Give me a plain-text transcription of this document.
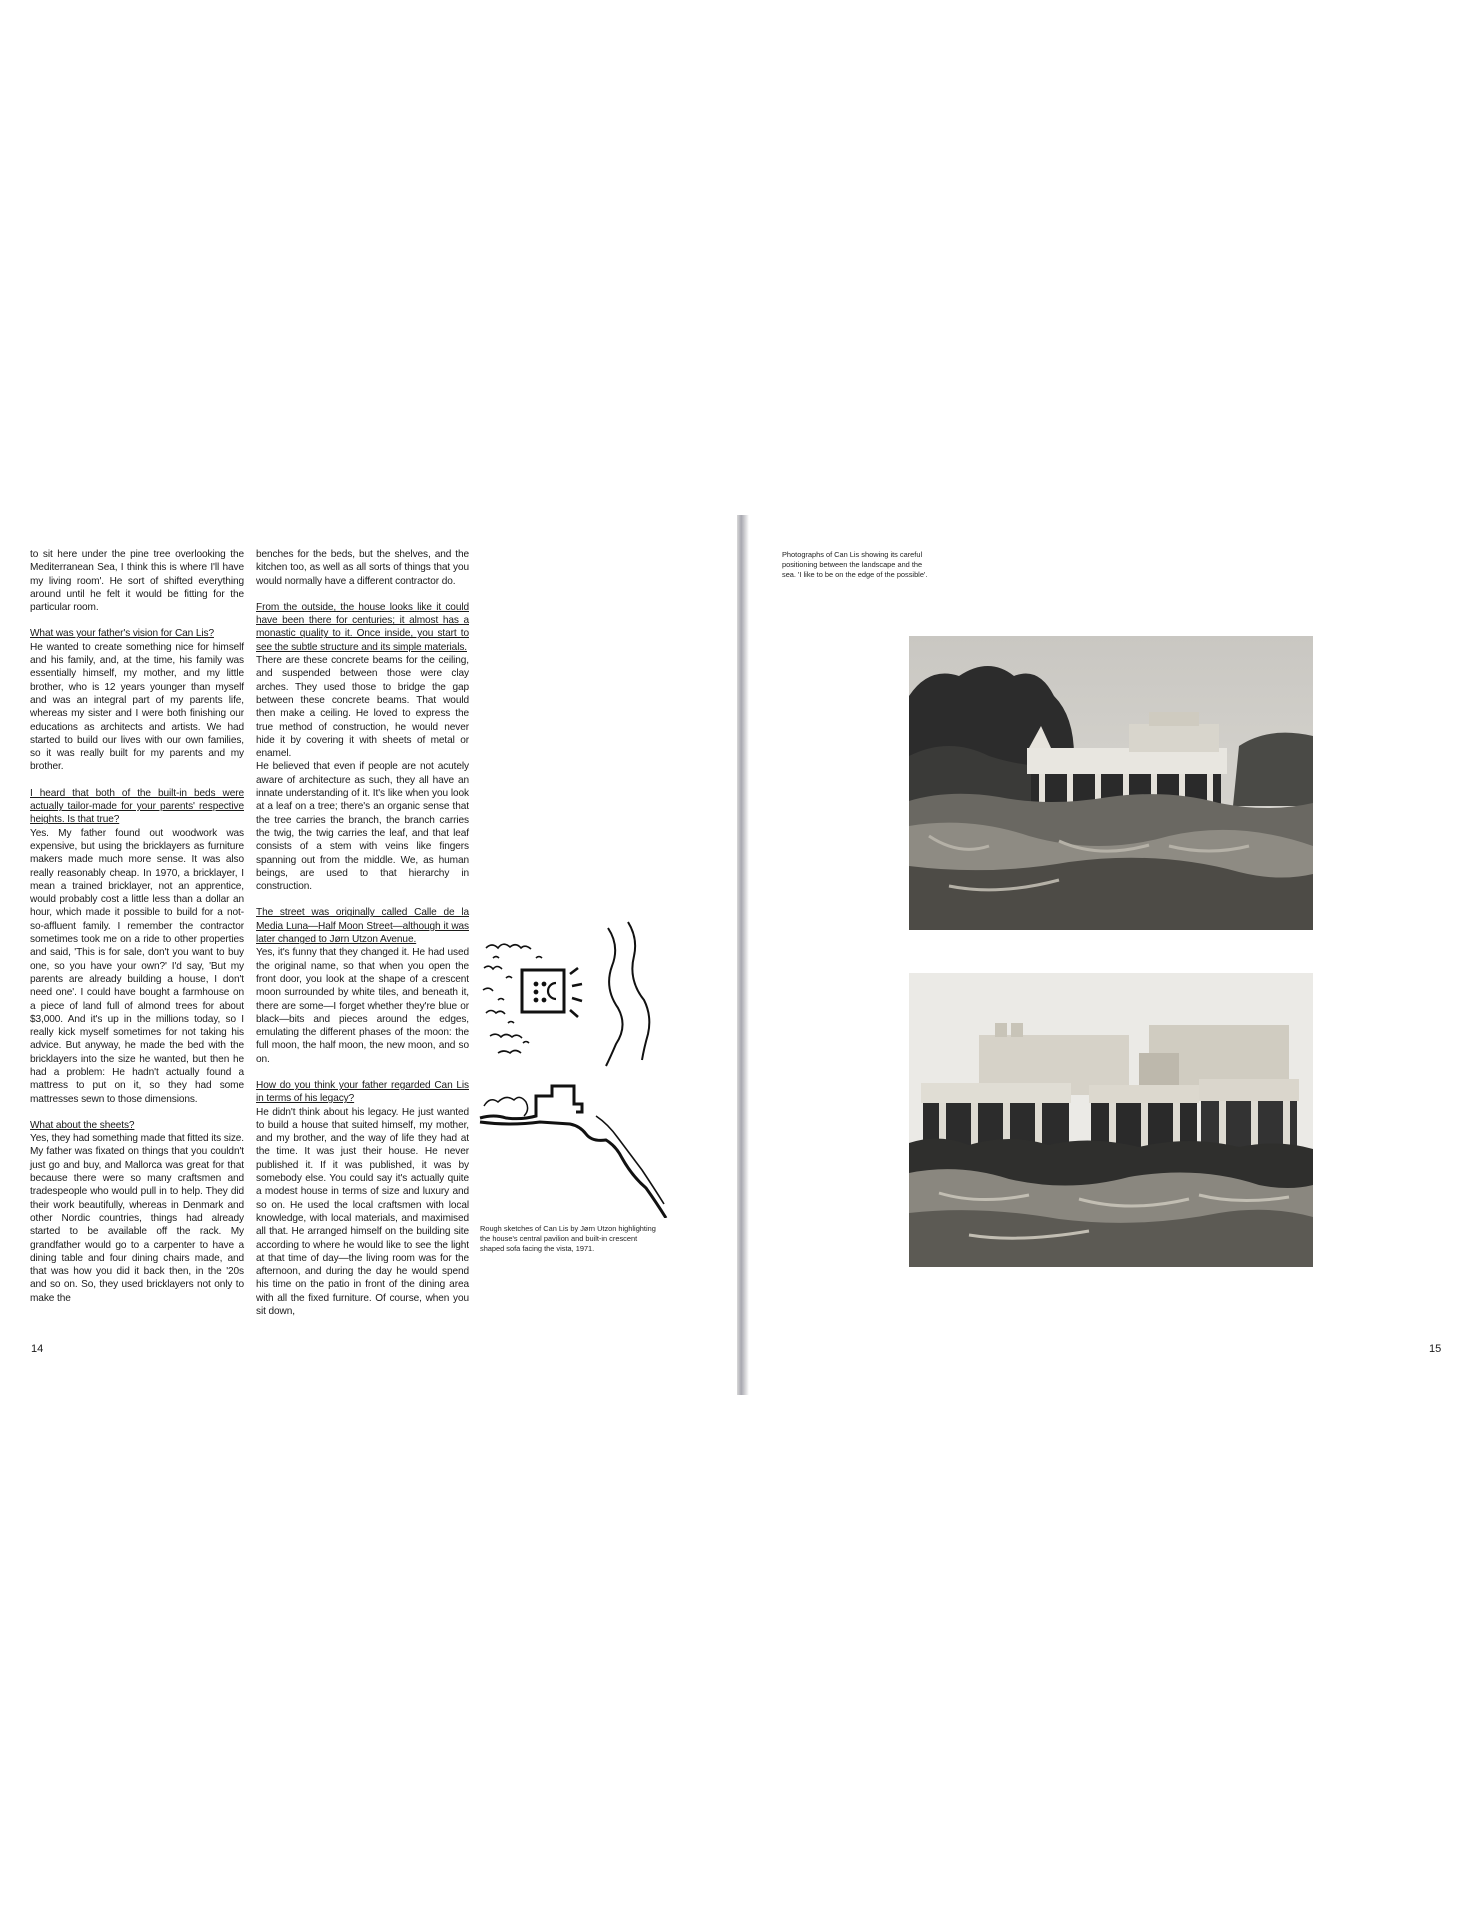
to sit here under the pine tree overlooking the Mediterranean Sea, I think this is where I'll have my living room'. He sort of shifted everything around until he felt it would be fitting for the particular room.

What was your father's vision for Can Lis?

He wanted to create something nice for himself and his family, and, at the time, his family was essentially himself, my mother, and my little brother, who is 12 years younger than myself and was an integral part of my parents life, whereas my sister and I were both finishing our educations as architects and artists. We had started to build our lives with our own families, so it was really built for my parents and my brother.

I heard that both of the built-in beds were actually tailor-made for your parents' respective heights. Is that true?

Yes. My father found out woodwork was expensive, but using the bricklayers as furniture makers made much more sense. It was also really reasonably cheap. In 1970, a bricklayer, I mean a trained bricklayer, not an apprentice, would probably cost a little less than a dollar an hour, which made it possible to build for a not-so-affluent family. I remember the contractor sometimes took me on a ride to other properties and said, 'This is for sale, don't you want to buy one, so you have your own?' I'd say, 'But my parents are already building a house, I don't need one'. I could have bought a farmhouse on a piece of land full of almond trees for about $3,000. And it's up in the millions today, so I really kick myself sometimes for not taking his advice. But anyway, he made the bed with the bricklayers into the size he wanted, but then he had a problem: He hadn't actually found a mattress to put on it, so they had some mattresses sewn to those dimensions.

What about the sheets?

Yes, they had something made that fitted its size. My father was fixated on things that you couldn't just go and buy, and Mallorca was great for that because there were so many craftsmen and tradespeople who would pull in to help. They did their work beautifully, whereas in Denmark and other Nordic countries, things had already started to be available off the rack. My grandfather would go to a carpenter to have a dining table and four dining chairs made, and that was how you did it back then, in the '20s and so on. So, they used bricklayers not only to make the

benches for the beds, but the shelves, and the kitchen too, as well as all sorts of things that you would normally have a different contractor do.

From the outside, the house looks like it could have been there for centuries; it almost has a monastic quality to it. Once inside, you start to see the subtle structure and its simple materials.

There are these concrete beams for the ceiling, and suspended between those were clay arches. They used those to bridge the gap between these concrete beams. That would then make a ceiling. He loved to express the true method of construction, he would never hide it by covering it with sheets of metal or enamel.

He believed that even if people are not acutely aware of architecture as such, they all have an innate understanding of it. It's like when you look at a leaf on a tree; there's an organic sense that the tree carries the branch, the branch carries the twig, the twig carries the leaf, and that leaf consists of a stem with veins like fingers spanning out from the middle. We, as human beings, are used to that hierarchy in construction.

The street was originally called Calle de la Media Luna—Half Moon Street—although it was later changed to Jørn Utzon Avenue.

Yes, it's funny that they changed it. He had used the original name, so that when you open the front door, you look at the shape of a crescent moon surrounded by white tiles, and beneath it, there are some—I forget whether they're blue or black—bits and pieces around the edges, emulating the different phases of the moon: the full moon, the half moon, the new moon, and so on.

How do you think your father regarded Can Lis in terms of his legacy?

He didn't think about his legacy. He just wanted to build a house that suited himself, my mother, and my brother, and the way of life they had at the time. It was just their house. He never published it. If it was published, it was by somebody else. You could say it's actually quite a modest house in terms of size and luxury and so on. He used the local craftsmen with local knowledge, with local materials, and maximised all that. He arranged himself on the building site according to where he would like to see the light at that time of day—the living room was for the afternoon, and during the day he would spend his time on the patio in front of the dining area with all the fixed furniture. Of course, when you sit down,

Rough sketches of Can Lis by Jørn Utzon highlighting the house's central pavilion and built-in crescent shaped sofa facing the vista, 1971.
14
Photographs of Can Lis showing its careful positioning between the landscape and the sea. 'I like to be on the edge of the possible'.
15
